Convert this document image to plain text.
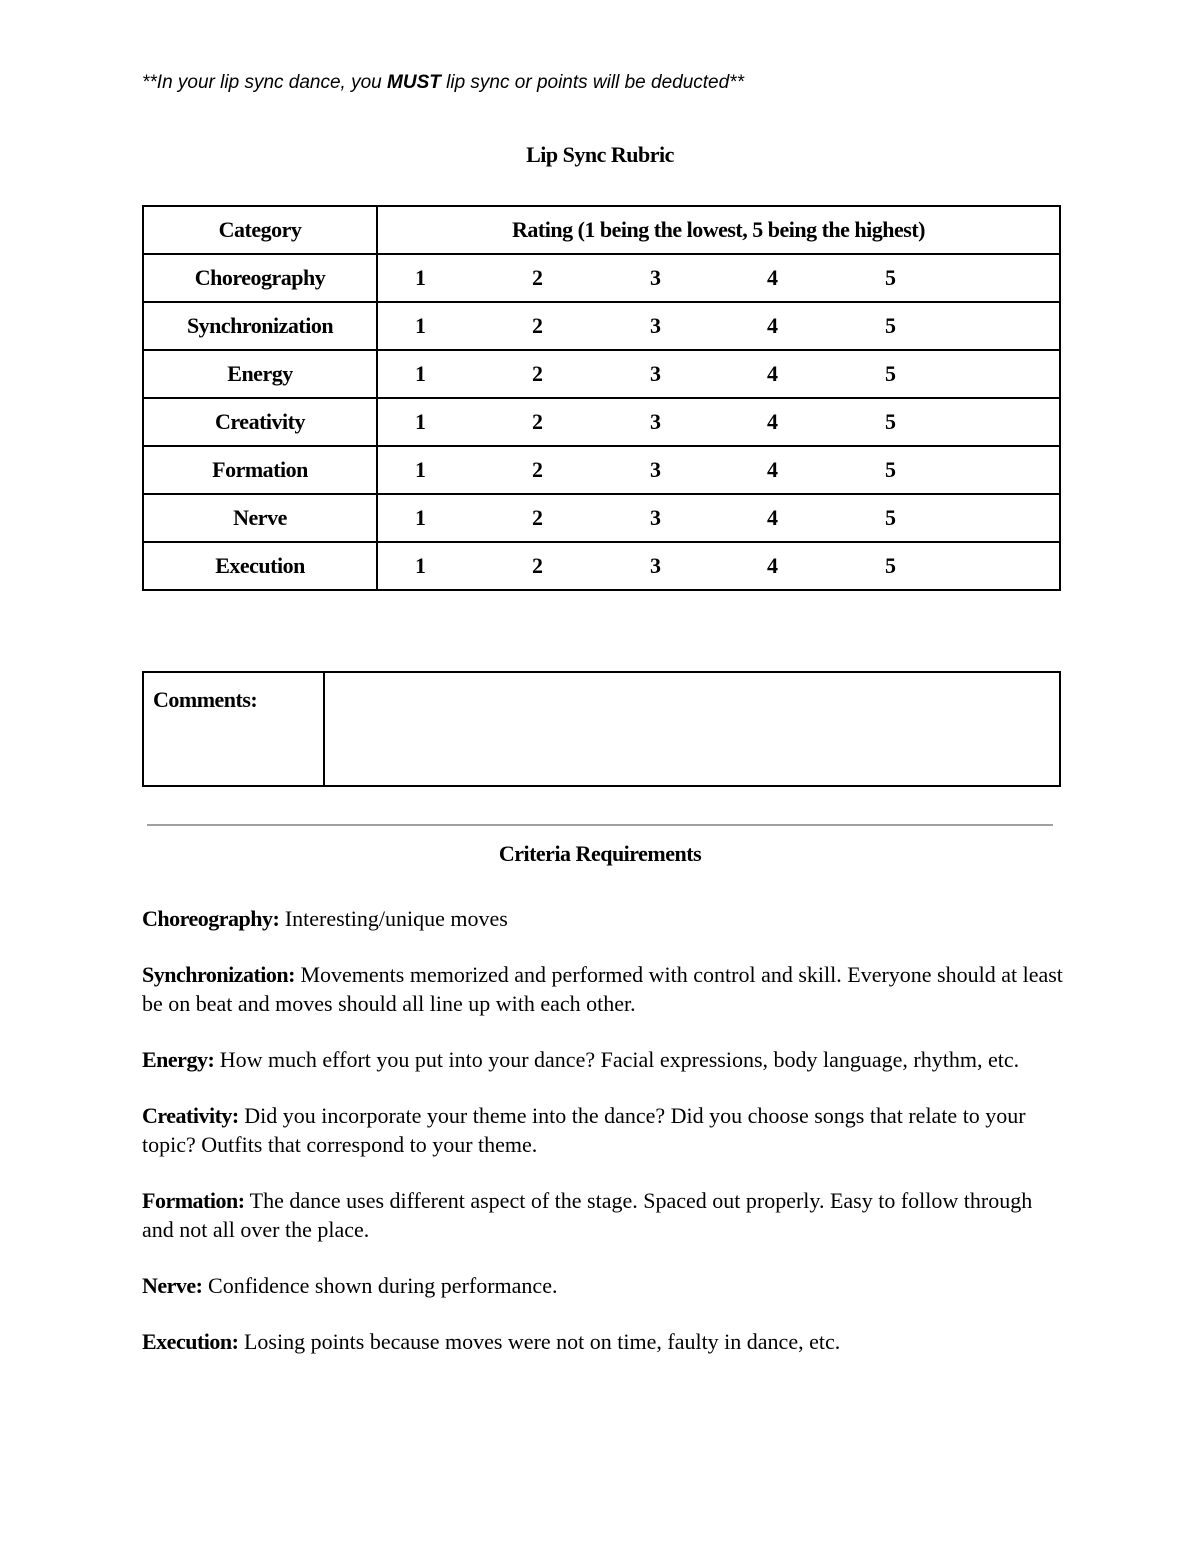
**In your lip sync dance, you MUST lip sync or points will be deducted**
Lip Sync Rubric
Category	Rating (1 being the lowest, 5 being the highest)
Choreography	1 2 3 4 5

Synchronization	1 2 3 4 5

Energy	1 2 3 4 5

Creativity	1 2 3 4 5

Formation	1 2 3 4 5

Nerve	1 2 3 4 5

Execution	1 2 3 4 5
Comments:	
Criteria Requirements

Choreography: Interesting/unique moves

Synchronization: Movements memorized and performed with control and skill. Everyone should at least be on beat and moves should all line up with each other.

Energy: How much effort you put into your dance? Facial expressions, body language, rhythm, etc.

Creativity: Did you incorporate your theme into the dance? Did you choose songs that relate to your topic? Outfits that correspond to your theme.

Formation: The dance uses different aspect of the stage. Spaced out properly. Easy to follow through and not all over the place.

Nerve: Confidence shown during performance.

Execution: Losing points because moves were not on time, faulty in dance, etc.
